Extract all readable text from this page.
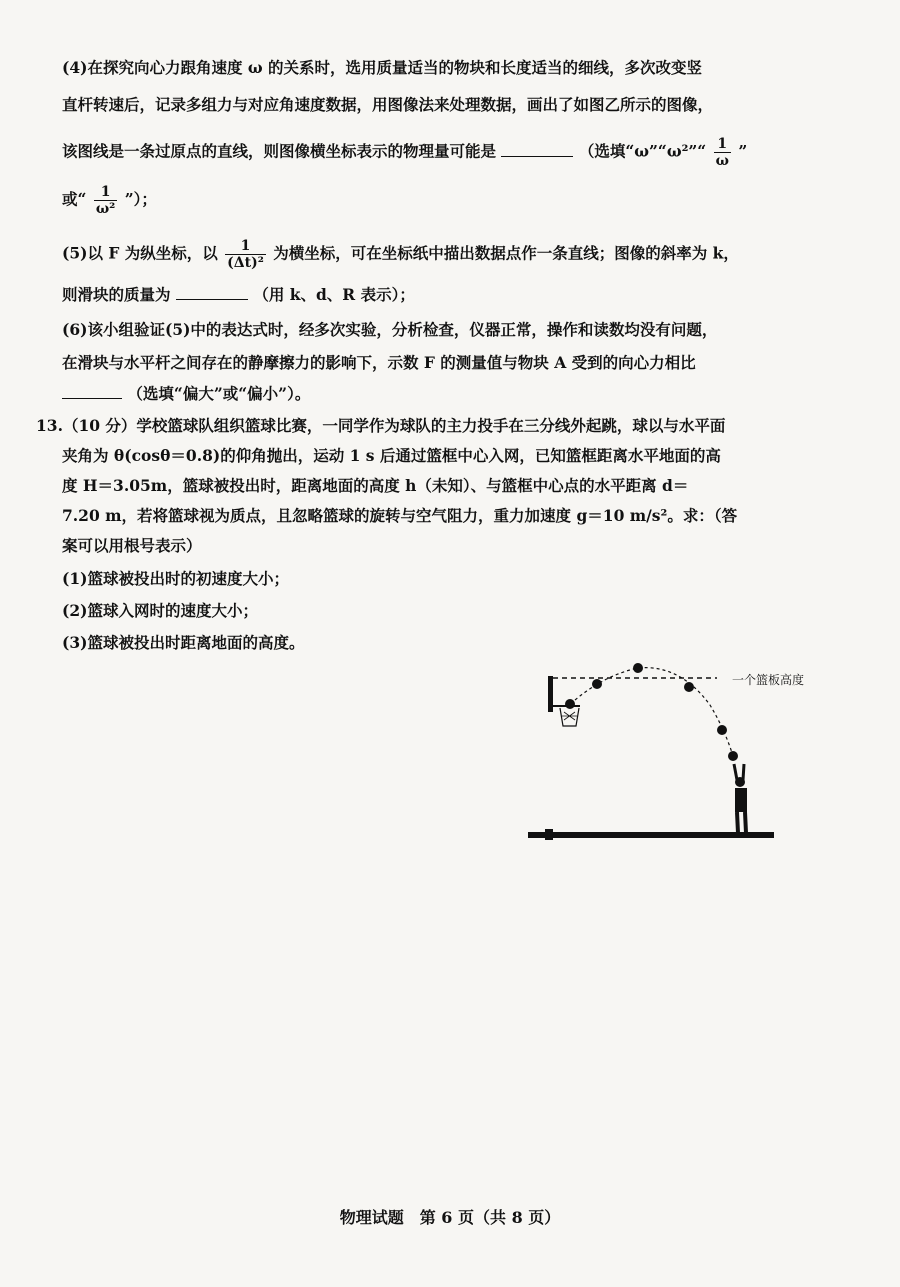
(4)在探究向心力跟角速度 ω 的关系时，选用质量适当的物块和长度适当的细线，多次改变竖
直杆转速后，记录多组力与对应角速度数据，用图像法来处理数据，画出了如图乙所示的图像，
该图线是一条过原点的直线，则图像横坐标表示的物理量可能是	（选填“ω”“ω²”“ $\frac{1}{\omega}$ ”
或“ $\frac{1}{\text{ω²}}$ ”）；
(5)以 F 为纵坐标，以 $\frac{1}{\text{(Δt)²}}$ 为横坐标，可在坐标纸中描出数据点作一条直线；图像的斜率为 k，
则滑块的质量为	（用 k、d、R 表示）；
(6)该小组验证(5)中的表达式时，经多次实验，分析检查，仪器正常，操作和读数均没有问题，
在滑块与水平杆之间存在的静摩擦力的影响下，示数 F 的测量值与物块 A 受到的向心力相比
（选填“偏大”或“偏小”）。
13.（10 分）学校篮球队组织篮球比赛，一同学作为球队的主力投手在三分线外起跳，球以与水平面
夹角为 θ(cosθ＝0.8)的仰角抛出，运动 1 s 后通过篮框中心入网，已知篮框距离水平地面的高
度 H＝3.05m，篮球被投出时，距离地面的高度 h（未知）、与篮框中心点的水平距离 d＝
7.20 m，若将篮球视为质点，且忽略篮球的旋转与空气阻力，重力加速度 g＝10 m/s²。求：（答
案可以用根号表示）
(1)篮球被投出时的初速度大小；
(2)篮球入网时的速度大小；
(3)篮球被投出时距离地面的高度。
一个篮板高度
物理试题　第 6 页（共 8 页）
